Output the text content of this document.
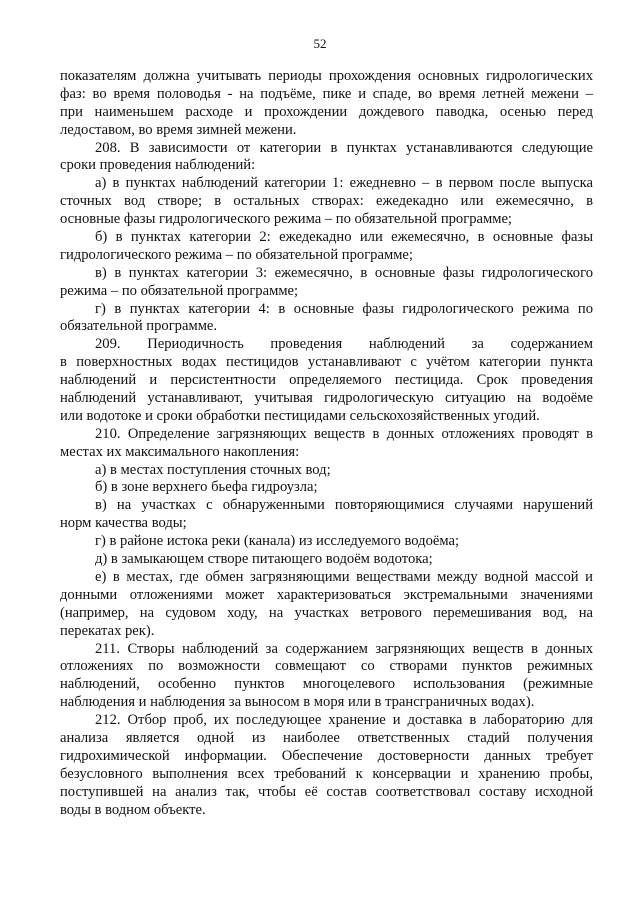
52
показателям должна учитывать периоды прохождения основных гидрологических
фаз: во время половодья - на подъёме, пике и спаде, во время летней межени –
при наименьшем расходе и прохождении дождевого паводка, осенью перед
ледоставом, во время зимней межени.
208. В зависимости от категории в пунктах устанавливаются следующие
сроки проведения наблюдений:
а) в пунктах наблюдений категории 1: ежедневно – в первом после выпуска
сточных вод створе; в остальных створах: ежедекадно или ежемесячно, в
основные фазы гидрологического режима – по обязательной программе;
б) в пунктах категории 2: ежедекадно или ежемесячно, в основные фазы
гидрологического режима – по обязательной программе;
в) в пунктах категории 3: ежемесячно, в основные фазы гидрологического
режима – по обязательной программе;
г) в пунктах категории 4: в основные фазы гидрологического режима по
обязательной программе.
209. Периодичность проведения наблюдений за содержанием
в поверхностных водах пестицидов устанавливают с учётом категории пункта
наблюдений и персистентности определяемого пестицида. Срок проведения
наблюдений устанавливают, учитывая гидрологическую ситуацию на водоёме
или водотоке и сроки обработки пестицидами сельскохозяйственных угодий.
210. Определение загрязняющих веществ в донных отложениях проводят в
местах их максимального накопления:
а) в местах поступления сточных вод;
б) в зоне верхнего бьефа гидроузла;
в) на участках с обнаруженными повторяющимися случаями нарушений
норм качества воды;
г) в районе истока реки (канала) из исследуемого водоёма;
д) в замыкающем створе питающего водоём водотока;
е) в местах, где обмен загрязняющими веществами между водной массой и
донными отложениями может характеризоваться экстремальными значениями
(например, на судовом ходу, на участках ветрового перемешивания вод, на
перекатах рек).
211. Створы наблюдений за содержанием загрязняющих веществ в донных
отложениях по возможности совмещают со створами пунктов режимных
наблюдений, особенно пунктов многоцелевого использования (режимные
наблюдения и наблюдения за выносом в моря или в трансграничных водах).
212. Отбор проб, их последующее хранение и доставка в лабораторию для
анализа является одной из наиболее ответственных стадий получения
гидрохимической информации. Обеспечение достоверности данных требует
безусловного выполнения всех требований к консервации и хранению пробы,
поступившей на анализ так, чтобы её состав соответствовал составу исходной
воды в водном объекте.
